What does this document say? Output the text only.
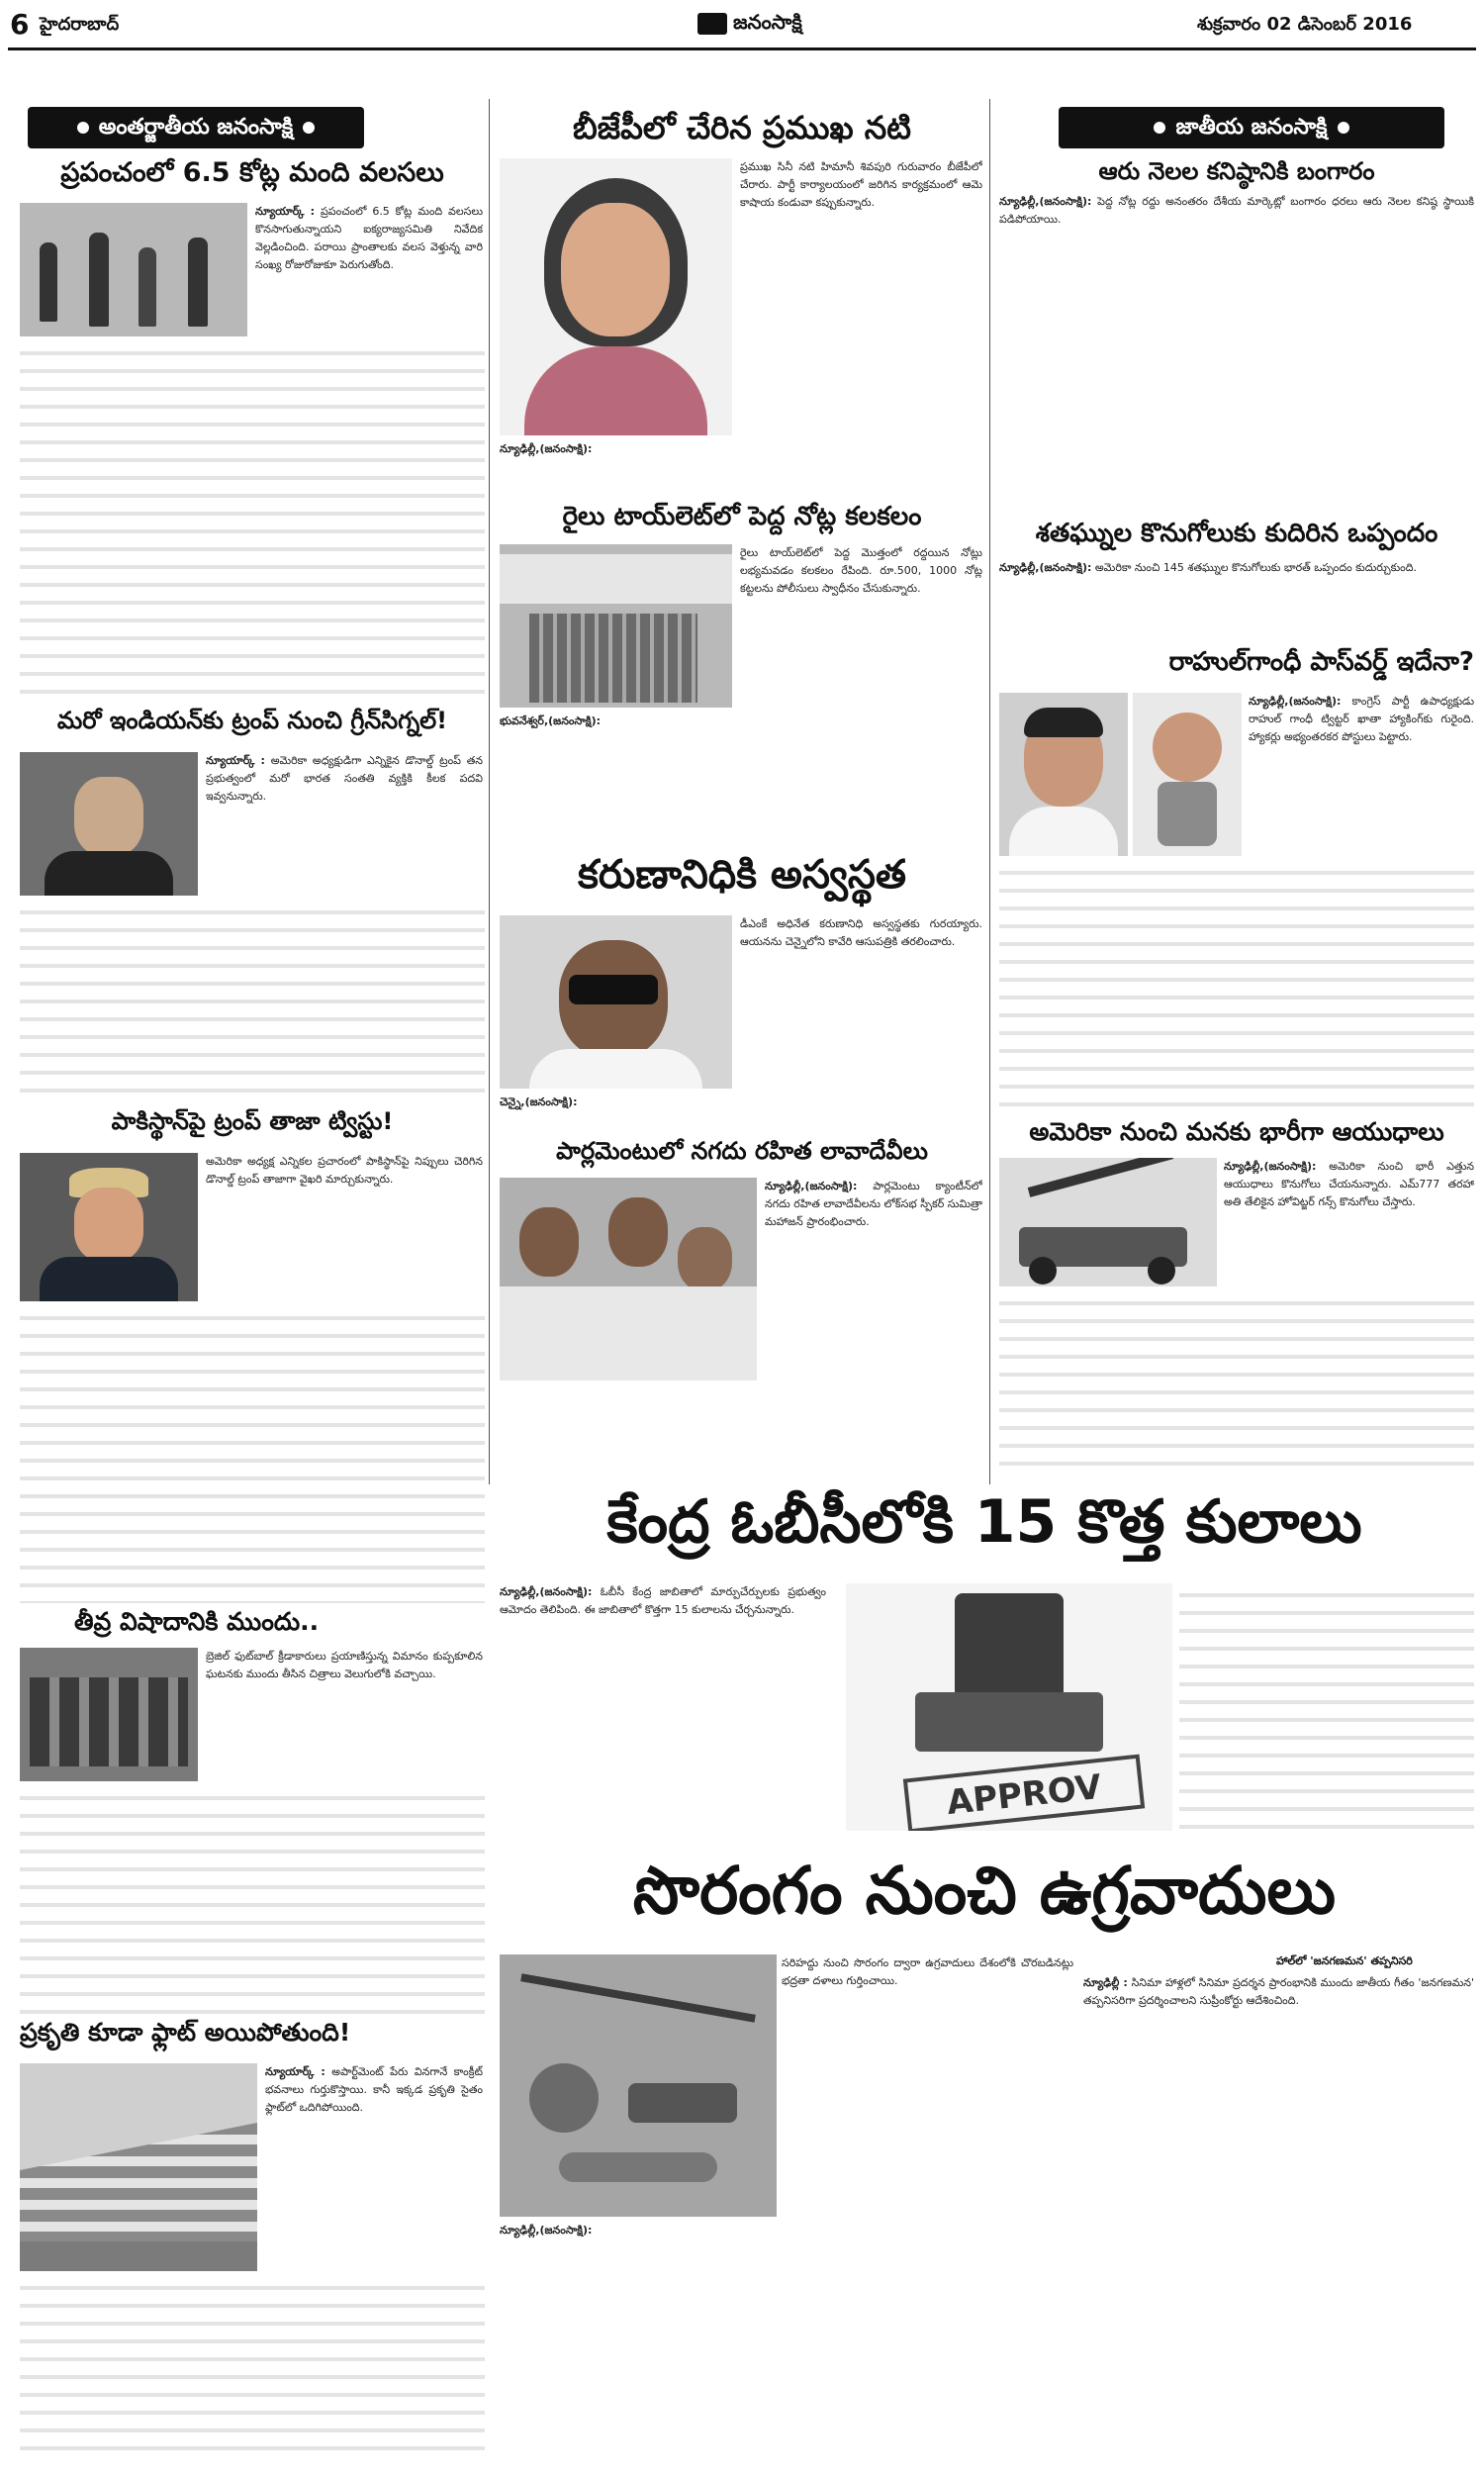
6 హైదరాబాద్	జనంసాక్షి	శుక్రవారం 02 డిసెంబర్ 2016
అంతర్జాతీయ జనంసాక్షి	జాతీయ జనంసాక్షి
ప్రపంచంలో 6.5 కోట్ల మంది వలసలు
న్యూయార్క్ : ప్రపంచంలో 6.5 కోట్ల మంది వలసలు కొనసాగుతున్నాయని ఐక్యరాజ్యసమితి నివేదిక వెల్లడించింది. పరాయి ప్రాంతాలకు వలస వెళ్తున్న వారి సంఖ్య రోజురోజుకూ పెరుగుతోంది.
మరో ఇండియన్‌కు ట్రంప్ నుంచి గ్రీన్‌సిగ్నల్!
న్యూయార్క్ : అమెరికా అధ్యక్షుడిగా ఎన్నికైన డొనాల్డ్ ట్రంప్ తన ప్రభుత్వంలో మరో భారత సంతతి వ్యక్తికి కీలక పదవి ఇవ్వనున్నారు.
పాకిస్థాన్‌పై ట్రంప్ తాజా ట్విస్టు!
అమెరికా అధ్యక్ష ఎన్నికల ప్రచారంలో పాకిస్థాన్‌పై నిప్పులు చెరిగిన డొనాల్డ్ ట్రంప్ తాజాగా వైఖరి మార్చుకున్నారు.
తీవ్ర విషాదానికి ముందు..
బ్రెజిల్ ఫుట్‌బాల్ క్రీడాకారులు ప్రయాణిస్తున్న విమానం కుప్పకూలిన ఘటనకు ముందు తీసిన చిత్రాలు వెలుగులోకి వచ్చాయి.
ప్రకృతి కూడా ఫ్లాట్ అయిపోతుంది!
న్యూయార్క్ : అపార్ట్‌మెంట్ పేరు వినగానే కాంక్రీట్ భవనాలు గుర్తుకొస్తాయి. కానీ ఇక్కడ ప్రకృతి సైతం ఫ్లాట్‌లో ఒదిగిపోయింది.
బీజేపీలో చేరిన ప్రముఖ నటి
ప్రముఖ సినీ నటి హిమానీ శివపురి గురువారం బీజేపీలో చేరారు. పార్టీ కార్యాలయంలో జరిగిన కార్యక్రమంలో ఆమె కాషాయ కండువా కప్పుకున్నారు.
న్యూఢిల్లీ,(జనంసాక్షి):
రైలు టాయ్‌లెట్‌లో పెద్ద నోట్ల కలకలం
రైలు టాయ్‌లెట్‌లో పెద్ద మొత్తంలో రద్దయిన నోట్లు లభ్యమవడం కలకలం రేపింది. రూ.500, 1000 నోట్ల కట్టలను పోలీసులు స్వాధీనం చేసుకున్నారు.
భువనేశ్వర్,(జనంసాక్షి):
కరుణానిధికి అస్వస్థత
డీఎంకే అధినేత కరుణానిధి అస్వస్థతకు గురయ్యారు. ఆయనను చెన్నైలోని కావేరి ఆసుపత్రికి తరలించారు.
చెన్నై,(జనంసాక్షి):
పార్లమెంటులో నగదు రహిత లావాదేవీలు
న్యూఢిల్లీ,(జనంసాక్షి): పార్లమెంటు క్యాంటీన్‌లో నగదు రహిత లావాదేవీలను లోక్‌సభ స్పీకర్ సుమిత్రా మహాజన్ ప్రారంభించారు.
ఆరు నెలల కనిష్ఠానికి బంగారం
న్యూఢిల్లీ,(జనంసాక్షి): పెద్ద నోట్ల రద్దు అనంతరం దేశీయ మార్కెట్లో బంగారం ధరలు ఆరు నెలల కనిష్ఠ స్థాయికి పడిపోయాయి.
శతఘ్నుల కొనుగోలుకు కుదిరిన ఒప్పందం
న్యూఢిల్లీ,(జనంసాక్షి): అమెరికా నుంచి 145 శతఘ్నుల కొనుగోలుకు భారత్ ఒప్పందం కుదుర్చుకుంది.
రాహుల్‌గాంధీ పాస్‌వర్డ్ ఇదేనా?
న్యూఢిల్లీ,(జనంసాక్షి): కాంగ్రెస్ పార్టీ ఉపాధ్యక్షుడు రాహుల్ గాంధీ ట్విట్టర్ ఖాతా హ్యాకింగ్‌కు గురైంది. హ్యాకర్లు అభ్యంతరకర పోస్టులు పెట్టారు.
అమెరికా నుంచి మనకు భారీగా ఆయుధాలు
న్యూఢిల్లీ,(జనంసాక్షి): అమెరికా నుంచి భారీ ఎత్తున ఆయుధాలు కొనుగోలు చేయనున్నారు. ఎమ్777 తరహా అతి తేలికైన హోవిట్జర్ గన్స్ కొనుగోలు చేస్తారు.
కేంద్ర ఓబీసీలోకి 15 కొత్త కులాలు
న్యూఢిల్లీ,(జనంసాక్షి): ఓబీసీ కేంద్ర జాబితాలో మార్పుచేర్పులకు ప్రభుత్వం ఆమోదం తెలిపింది. ఈ జాబితాలో కొత్తగా 15 కులాలను చేర్చనున్నారు.
APPROV
సొరంగం నుంచి ఉగ్రవాదులు
సరిహద్దు నుంచి సొరంగం ద్వారా ఉగ్రవాదులు దేశంలోకి చొరబడినట్లు భద్రతా దళాలు గుర్తించాయి.
న్యూఢిల్లీ,(జనంసాక్షి):
హాల్‌లో 'జనగణమన' తప్పనిసరి
న్యూఢిల్లీ : సినిమా హాళ్లలో సినిమా ప్రదర్శన ప్రారంభానికి ముందు జాతీయ గీతం 'జనగణమన' తప్పనిసరిగా ప్రదర్శించాలని సుప్రీంకోర్టు ఆదేశించింది.
